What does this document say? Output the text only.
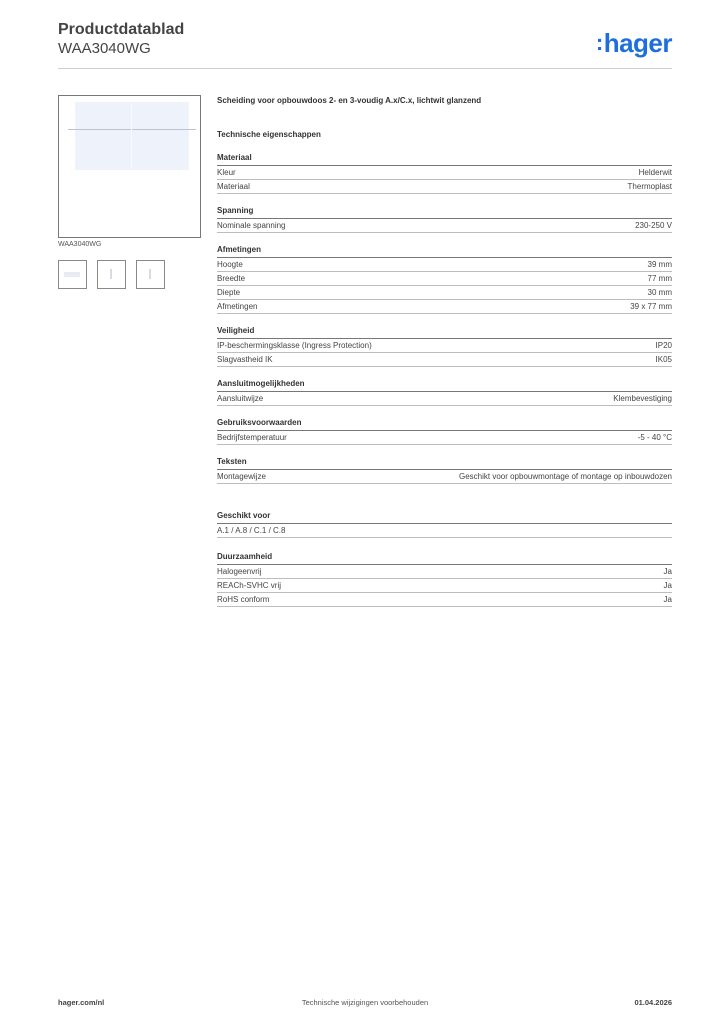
Productdatablad
WAA3040WG	:hager
WAA3040WG
Scheiding voor opbouwdoos 2- en 3-voudig A.x/C.x, lichtwit glanzend
Technische eigenschappen
Materiaal
Kleur	Helderwit
Materiaal	Thermoplast
Spanning
Nominale spanning	230-250 V
Afmetingen
Hoogte	39 mm
Breedte	77 mm
Diepte	30 mm
Afmetingen	39 x 77 mm
Veiligheid
IP-beschermingsklasse (Ingress Protection)	IP20
Slagvastheid IK	IK05
Aansluitmogelijkheden
Aansluitwijze	Klembevestiging
Gebruiksvoorwaarden
Bedrijfstemperatuur	-5 - 40 °C
Teksten
Montagewijze	Geschikt voor opbouwmontage of montage op inbouwdozen
Geschikt voor
A.1 / A.8 / C.1 / C.8
Duurzaamheid
Halogeenvrij	Ja
REACh-SVHC vrij	Ja
RoHS conform	Ja
hager.com/nl	Technische wijzigingen voorbehouden	01.04.2026
